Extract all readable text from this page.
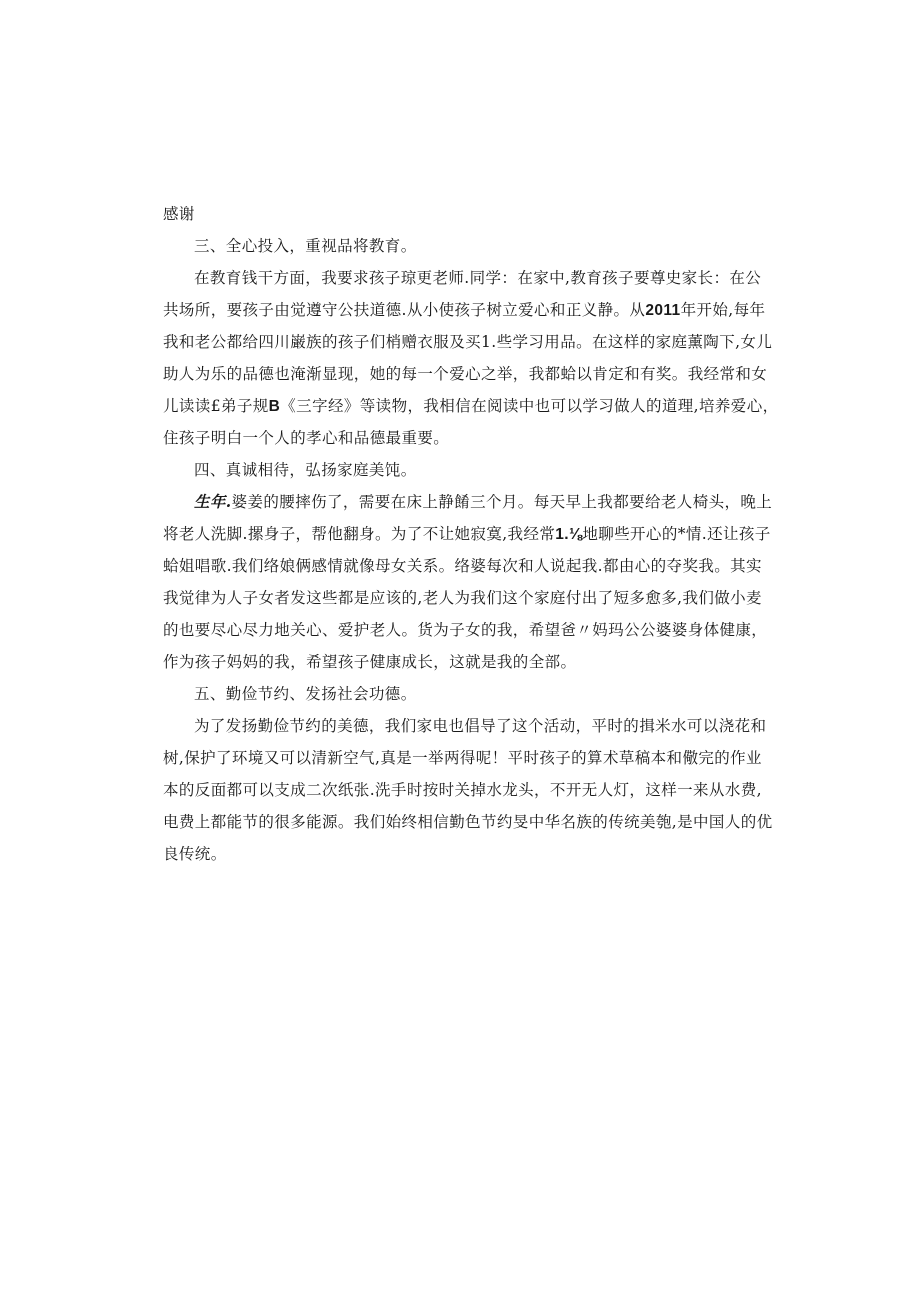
感谢
三、全心投入，重视品将教育。
在教育钱干方面，我要求孩子琼更老师.同学：在家中,教育孩子要尊史家长：在公
共场所，要孩子由觉遵守公扶道德.从小使孩子树立爱心和正义静。从2011年开始,每年
我和老公都给四川巌族的孩子们梢赠衣服及买1.些学习用品。在这样的家庭薰陶下,女儿
助人为乐的品德也淹渐显现，她的每一个爱心之举，我都蛤以肯定和有奖。我经常和女
儿读读£弟子规B《三字经》等读物，我相信在阅读中也可以学习做人的道理,培养爱心，
住孩子明白一个人的孝心和品德最重要。
四、真诚相待，弘扬家庭美饨。
生年.婆姜的腰摔伤了，需要在床上静餚三个月。每天早上我都要给老人椅头，晚上
将老人洗脚.摞身子，帮他翻身。为了不让她寂寞,我经常1.⅛地聊些开心的*情.还让孩子
蛤姐唱歌.我们络娘俩感情就像母女关系。络婆每次和人说起我.都由心的夺奖我。其实
我觉律为人子女者发这些都是应该的,老人为我们这个家庭付出了短多愈多,我们做小麦
的也要尽心尽力地关心、爱护老人。货为子女的我，希望爸〃妈玛公公婆婆身体健康，
作为孩子妈妈的我，希望孩子健康成长，这就是我的全部。
五、勤俭节约、发扬社会功德。
为了发扬勤俭节约的美德，我们家电也倡导了这个活动，平时的揖米水可以浇花和
树,保护了环境又可以清新空气,真是一举两得呢！平时孩子的算术草稿本和儆完的作业
本的反面都可以支成二次纸张.洗手时按时关掉水龙头，不开无人灯，这样一来从水费,
电费上都能节的很多能源。我们始终相信勤色节约旻中华名族的传统美匏,是中国人的优
良传统。
